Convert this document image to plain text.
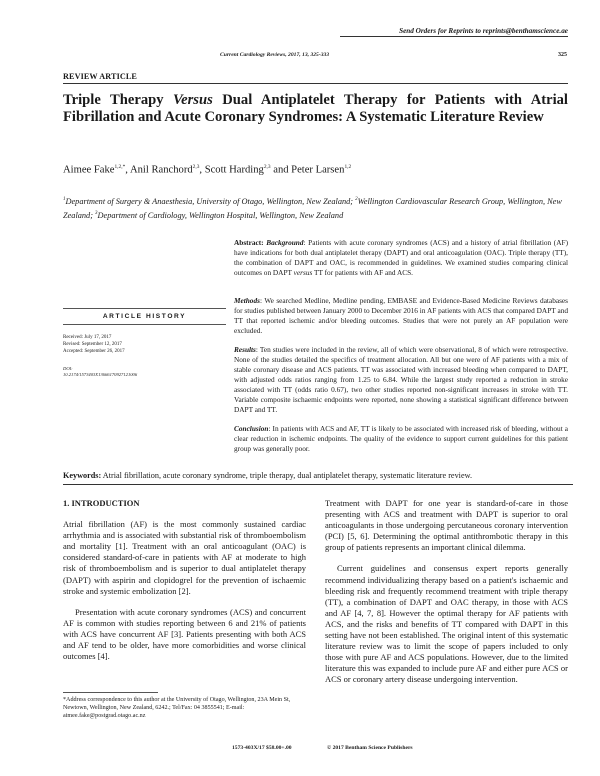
Send Orders for Reprints to reprints@benthamscience.ae
Current Cardiology Reviews, 2017, 13, 325-333	325
REVIEW ARTICLE
Triple Therapy Versus Dual Antiplatelet Therapy for Patients with Atrial Fibrillation and Acute Coronary Syndromes: A Systematic Literature Review
Aimee Fake$^{1,2,*}$, Anil Ranchord$^{2,3}$, Scott Harding$^{2,3}$ and Peter Larsen$^{1,2}$
$^1$Department of Surgery & Anaesthesia, University of Otago, Wellington, New Zealand; $^2$Wellington Cardiovascular Research Group, Wellington, New Zealand; $^3$Department of Cardiology, Wellington Hospital, Wellington, New Zealand
ARTICLE HISTORY
Received: July 17, 2017
Revised: September 12, 2017
Accepted: September 26, 2017
DOI:
10.2174/1573403X13666170927121006
Abstract: Background: Patients with acute coronary syndromes (ACS) and a history of atrial fibrillation (AF) have indications for both dual antiplatelet therapy (DAPT) and oral anticoagulation (OAC). Triple therapy (TT), the combination of DAPT and OAC, is recommended in guidelines. We examined studies comparing clinical outcomes on DAPT versus TT for patients with AF and ACS.
Methods: We searched Medline, Medline pending, EMBASE and Evidence-Based Medicine Reviews databases for studies published between January 2000 to December 2016 in AF patients with ACS that compared DAPT and TT that reported ischemic and/or bleeding outcomes. Studies that were not purely an AF population were excluded.
Results: Ten studies were included in the review, all of which were observational, 8 of which were retrospective. None of the studies detailed the specifics of treatment allocation. All but one were of AF patients with a mix of stable coronary disease and ACS patients. TT was associated with increased bleeding when compared to DAPT, with adjusted odds ratios ranging from 1.25 to 6.84. While the largest study reported a reduction in stroke associated with TT (odds ratio 0.67), two other studies reported non-significant increases in stroke with TT. Variable composite ischaemic endpoints were reported, none showing a statistical significant difference between DAPT and TT.
Conclusion: In patients with ACS and AF, TT is likely to be associated with increased risk of bleeding, without a clear reduction in ischemic endpoints. The quality of the evidence to support current guidelines for this patient group was generally poor.
Keywords: Atrial fibrillation, acute coronary syndrome, triple therapy, dual antiplatelet therapy, systematic literature review.
1. INTRODUCTION

Atrial fibrillation (AF) is the most commonly sustained cardiac arrhythmia and is associated with substantial risk of thromboembolism and mortality [1]. Treatment with an oral anticoagulant (OAC) is considered standard-of-care in patients with AF at moderate to high risk of thromboembolism and is superior to dual antiplatelet therapy (DAPT) with aspirin and clopidogrel for the prevention of ischaemic stroke and systemic embolization [2].

Presentation with acute coronary syndromes (ACS) and concurrent AF is common with studies reporting between 6 and 21% of patients with ACS have concurrent AF [3]. Patients presenting with both ACS and AF tend to be older, have more comorbidities and worse clinical outcomes [4].

Treatment with DAPT for one year is standard-of-care in those presenting with ACS and treatment with DAPT is superior to oral anticoagulants in those undergoing percutaneous coronary intervention (PCI) [5, 6]. Determining the optimal antithrombotic therapy in this group of patients represents an important clinical dilemma.

Current guidelines and consensus expert reports generally recommend individualizing therapy based on a patient's ischaemic and bleeding risk and frequently recommend treatment with triple therapy (TT), a combination of DAPT and OAC therapy, in those with ACS and AF [4, 7, 8]. However the optimal therapy for AF patients with ACS, and the risks and benefits of TT compared with DAPT in this setting have not been established. The original intent of this systematic literature review was to limit the scope of papers included to only those with pure AF and ACS populations. However, due to the limited literature this was expanded to include pure AF and either pure ACS or ACS or coronary artery disease undergoing intervention.

*Address correspondence to this author at the University of Otago, Wellington, 23A Mein St, Newtown, Wellington, New Zealand, 6242.; Tel/Fax: 04 3855541; E-mail: aimee.fake@postgrad.otago.ac.nz
1573-403X/17 $58.00+.00	© 2017 Bentham Science Publishers
